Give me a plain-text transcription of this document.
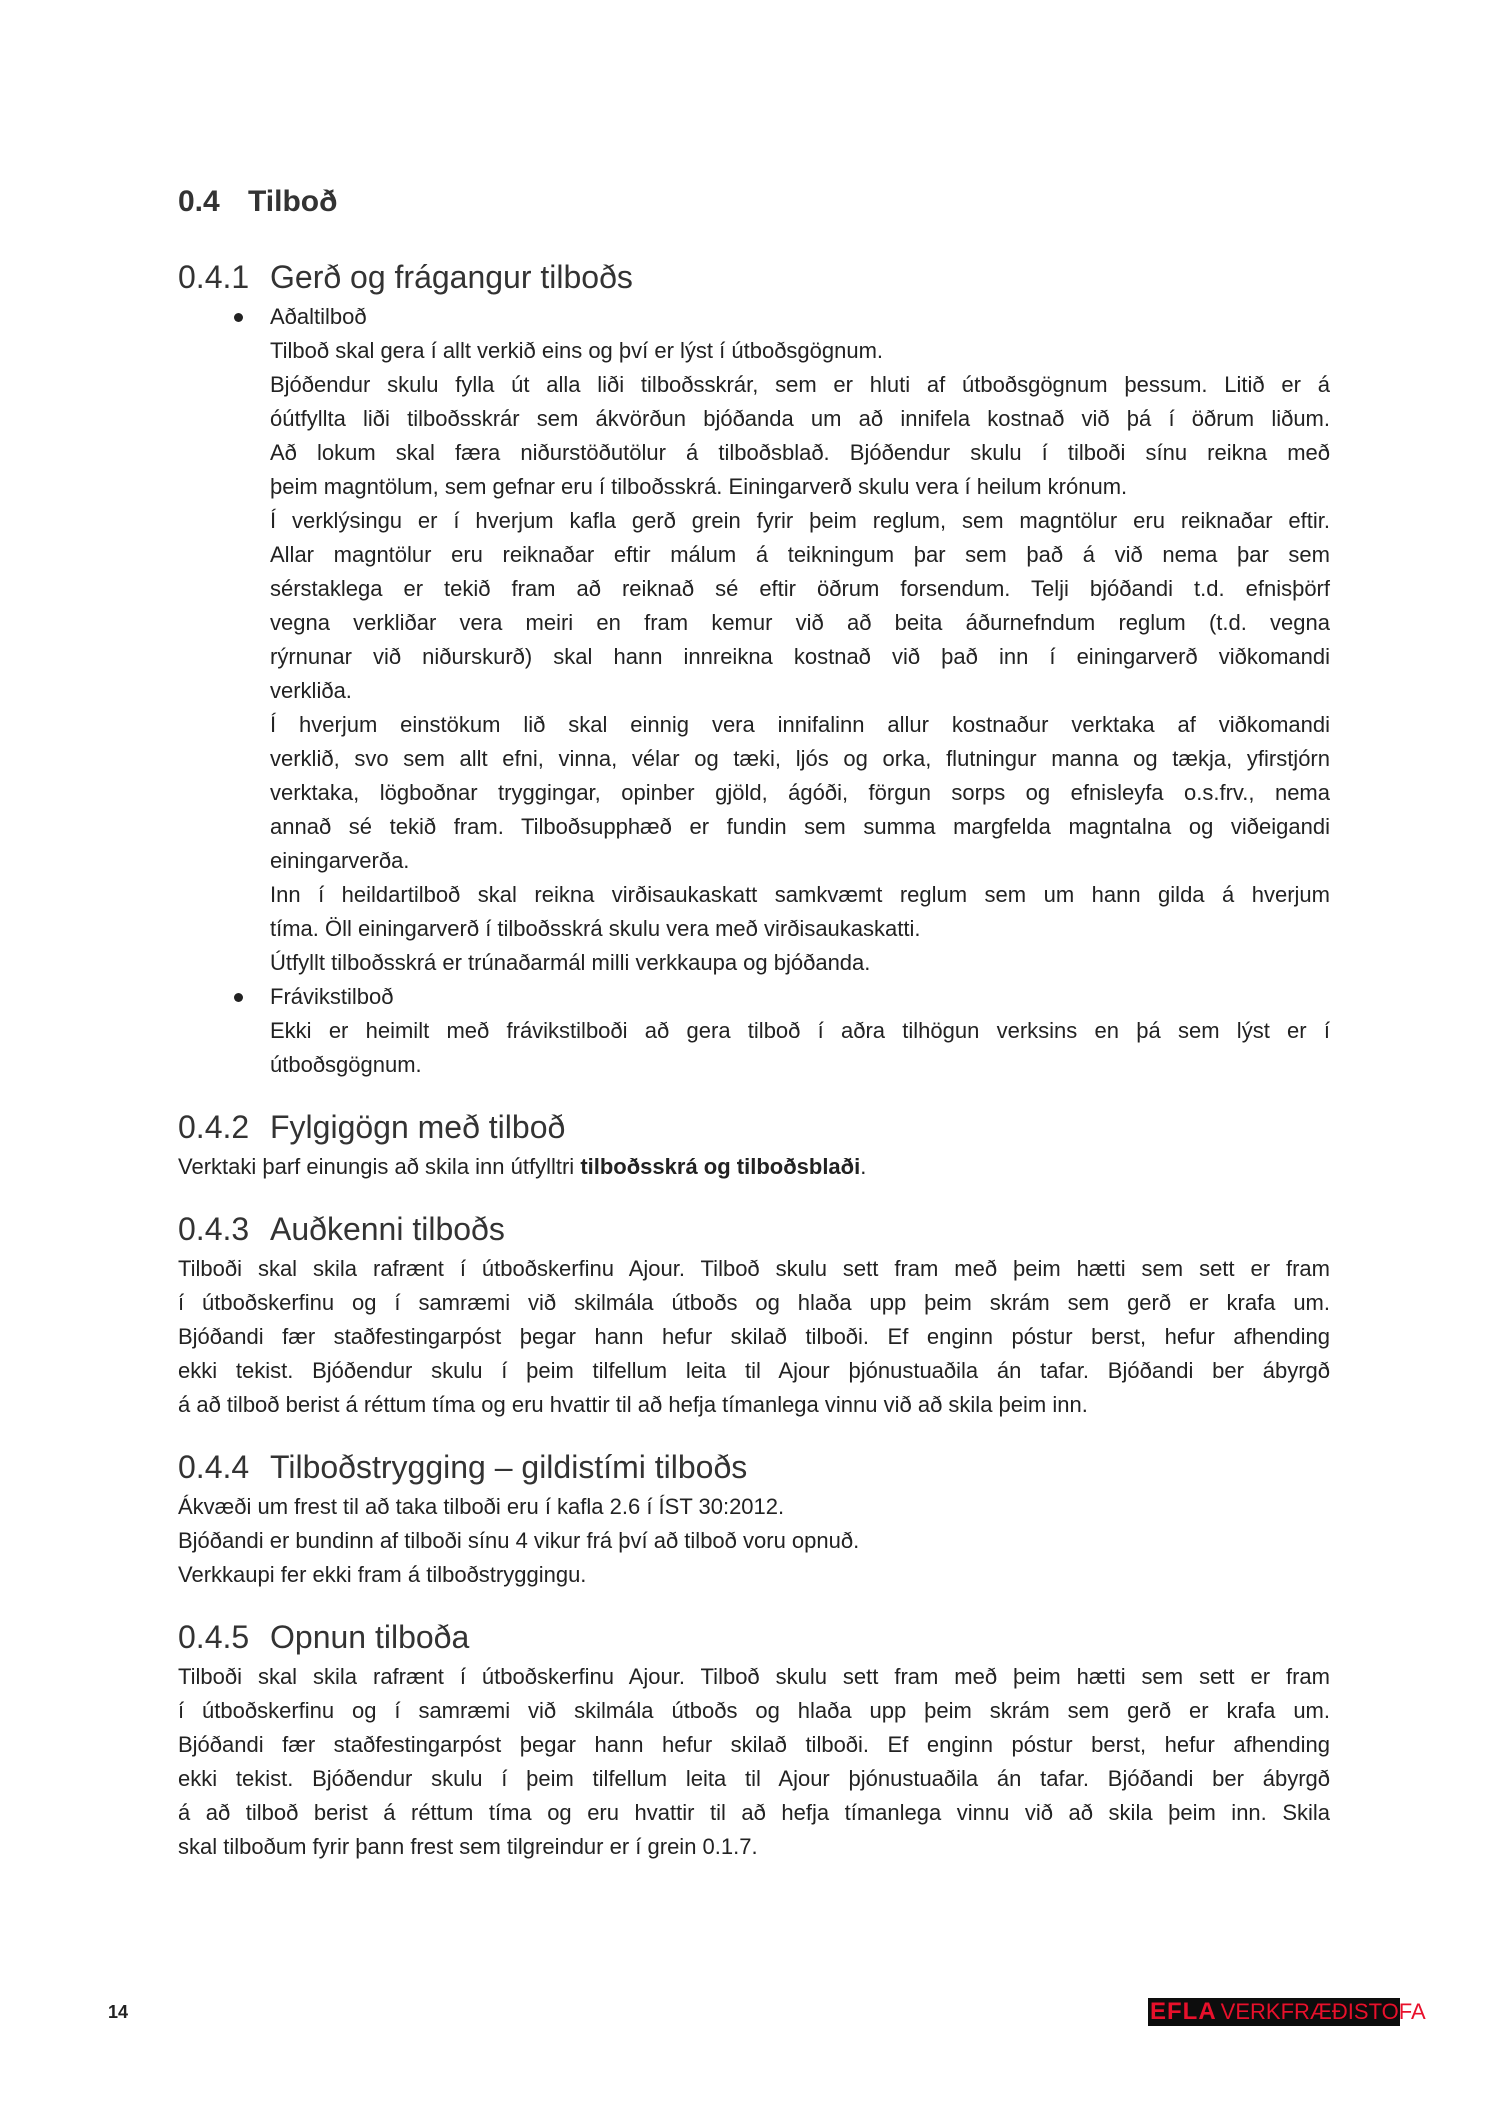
0.4 Tilboð
0.4.1 Gerð og frágangur tilboðs
Aðaltilboð
Tilboð skal gera í allt verkið eins og því er lýst í útboðsgögnum.
Bjóðendur skulu fylla út alla liði tilboðsskrár, sem er hluti af útboðsgögnum þessum. Litið er á
óútfyllta liði tilboðsskrár sem ákvörðun bjóðanda um að innifela kostnað við þá í öðrum liðum.
Að lokum skal færa niðurstöðutölur á tilboðsblað. Bjóðendur skulu í tilboði sínu reikna með
þeim magntölum, sem gefnar eru í tilboðsskrá. Einingarverð skulu vera í heilum krónum.
Í verklýsingu er í hverjum kafla gerð grein fyrir þeim reglum, sem magntölur eru reiknaðar eftir.
Allar magntölur eru reiknaðar eftir málum á teikningum þar sem það á við nema þar sem
sérstaklega er tekið fram að reiknað sé eftir öðrum forsendum. Telji bjóðandi t.d. efnisþörf
vegna verkliðar vera meiri en fram kemur við að beita áðurnefndum reglum (t.d. vegna
rýrnunar við niðurskurð) skal hann innreikna kostnað við það inn í einingarverð viðkomandi
verkliða.
Í hverjum einstökum lið skal einnig vera innifalinn allur kostnaður verktaka af viðkomandi
verklið, svo sem allt efni, vinna, vélar og tæki, ljós og orka, flutningur manna og tækja, yfirstjórn
verktaka, lögboðnar tryggingar, opinber gjöld, ágóði, förgun sorps og efnisleyfa o.s.frv., nema
annað sé tekið fram. Tilboðsupphæð er fundin sem summa margfelda magntalna og viðeigandi
einingarverða.
Inn í heildartilboð skal reikna virðisaukaskatt samkvæmt reglum sem um hann gilda á hverjum
tíma. Öll einingarverð í tilboðsskrá skulu vera með virðisaukaskatti.
Útfyllt tilboðsskrá er trúnaðarmál milli verkkaupa og bjóðanda.
Frávikstilboð
Ekki er heimilt með frávikstilboði að gera tilboð í aðra tilhögun verksins en þá sem lýst er í
útboðsgögnum.
0.4.2 Fylgigögn með tilboð

Verktaki þarf einungis að skila inn útfylltri tilboðsskrá og tilboðsblaði.

0.4.3 Auðkenni tilboðs
Tilboði skal skila rafrænt í útboðskerfinu Ajour. Tilboð skulu sett fram með þeim hætti sem sett er fram
í útboðskerfinu og í samræmi við skilmála útboðs og hlaða upp þeim skrám sem gerð er krafa um.
Bjóðandi fær staðfestingarpóst þegar hann hefur skilað tilboði. Ef enginn póstur berst, hefur afhending
ekki tekist. Bjóðendur skulu í þeim tilfellum leita til Ajour þjónustuaðila án tafar. Bjóðandi ber ábyrgð
á að tilboð berist á réttum tíma og eru hvattir til að hefja tímanlega vinnu við að skila þeim inn.
0.4.4 Tilboðstrygging – gildistími tilboðs
Ákvæði um frest til að taka tilboði eru í kafla 2.6 í ÍST 30:2012.
Bjóðandi er bundinn af tilboði sínu 4 vikur frá því að tilboð voru opnuð.
Verkkaupi fer ekki fram á tilboðstryggingu.
0.4.5 Opnun tilboða
Tilboði skal skila rafrænt í útboðskerfinu Ajour. Tilboð skulu sett fram með þeim hætti sem sett er fram
í útboðskerfinu og í samræmi við skilmála útboðs og hlaða upp þeim skrám sem gerð er krafa um.
Bjóðandi fær staðfestingarpóst þegar hann hefur skilað tilboði. Ef enginn póstur berst, hefur afhending
ekki tekist. Bjóðendur skulu í þeim tilfellum leita til Ajour þjónustuaðila án tafar. Bjóðandi ber ábyrgð
á að tilboð berist á réttum tíma og eru hvattir til að hefja tímanlega vinnu við að skila þeim inn. Skila
skal tilboðum fyrir þann frest sem tilgreindur er í grein 0.1.7.
14	EFLA VERKFRÆÐISTOFA
